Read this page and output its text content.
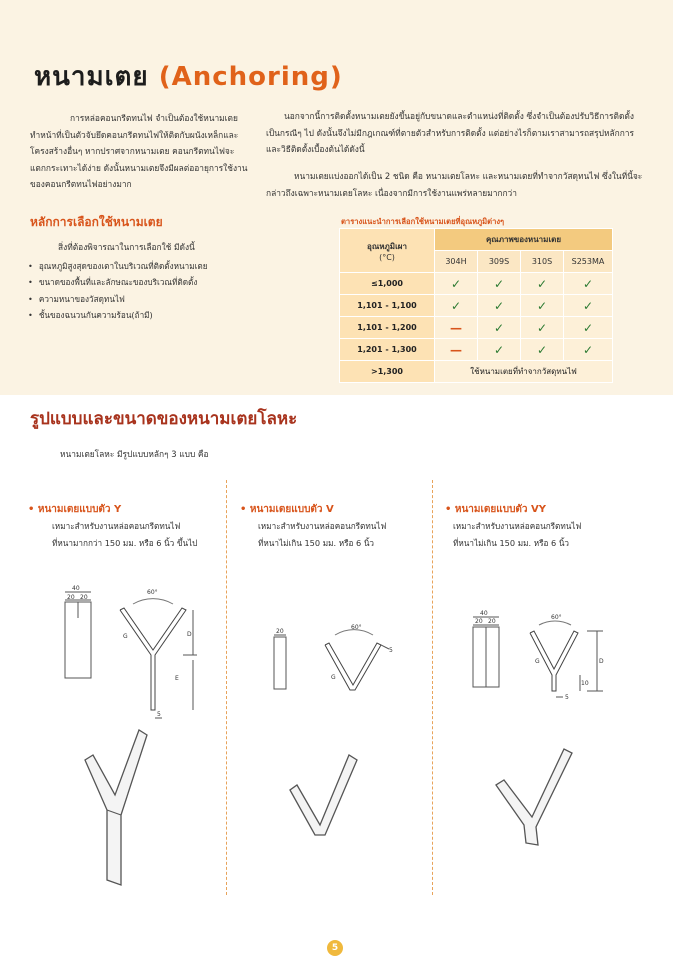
หนามเตย (Anchoring)
การหล่อคอนกรีตทนไฟ จำเป็นต้องใช้หนามเตย ทำหน้าที่เป็นตัวจับยึดคอนกรีตทนไฟให้ติดกับผนังเหล็กและโครงสร้างอื่นๆ หากปราศจากหนามเตย คอนกรีตทนไฟจะแตกกระเทาะได้ง่าย ดังนั้นหนามเตยจึงมีผลต่ออายุการใช้งานของคอนกรีตทนไฟอย่างมาก
นอกจากนี้การติดตั้งหนามเตยยังขึ้นอยู่กับขนาดและตำแหน่งที่ติดตั้ง ซึ่งจำเป็นต้องปรับวิธีการติดตั้งเป็นกรณีๆ ไป ดังนั้นจึงไม่มีกฎเกณฑ์ที่ตายตัวสำหรับการติดตั้ง แต่อย่างไรก็ตามเราสามารถสรุปหลักการและวิธีติดตั้งเบื้องต้นได้ดังนี้
หนามเตยแบ่งออกได้เป็น 2 ชนิด คือ หนามเตยโลหะ และหนามเตยที่ทำจากวัสดุทนไฟ ซึ่งในที่นี้จะกล่าวถึงเฉพาะหนามเตยโลหะ เนื่องจากมีการใช้งานแพร่หลายมากกว่า
หลักการเลือกใช้หนามเตย
สิ่งที่ต้องพิจารณาในการเลือกใช้ มีดังนี้
• อุณหภูมิสูงสุดของเตาในบริเวณที่ติดตั้งหนามเตย
• ขนาดของพื้นที่และลักษณะของบริเวณที่ติดตั้ง
• ความหนาของวัสดุทนไฟ
• ชั้นของฉนวนกันความร้อน(ถ้ามี)
ตารางแนะนำการเลือกใช้หนามเตยที่อุณหภูมิต่างๆ
อุณหภูมิเผา
(°C)	คุณภาพของหนามเตย			
	304H	309S	310S	S253MA
≤1,000	✓	✓	✓	✓
1,101 - 1,100	✓	✓	✓	✓
1,101 - 1,200	—	✓	✓	✓
1,201 - 1,300	—	✓	✓	✓
>1,300	ใช้หนามเตยที่ทำจากวัสดุทนไฟ			
รูปแบบและขนาดของหนามเตยโลหะ
หนามเตยโลหะ มีรูปแบบหลักๆ 3 แบบ คือ
• หนามเตยแบบตัว Y
เหมาะสำหรับงานหล่อคอนกรีตทนไฟ
ที่หนามากกว่า 150 มม. หรือ 6 นิ้ว ขึ้นไป
40
20 20
60°
G	D
E
5
• หนามเตยแบบตัว V
เหมาะสำหรับงานหล่อคอนกรีตทนไฟ
ที่หนาไม่เกิน 150 มม. หรือ 6 นิ้ว
20
60°
G
5
• หนามเตยแบบตัว VY
เหมาะสำหรับงานหล่อคอนกรีตทนไฟ
ที่หนาไม่เกิน 150 มม. หรือ 6 นิ้ว
40
20 20
60°
G	D
10
5
5
